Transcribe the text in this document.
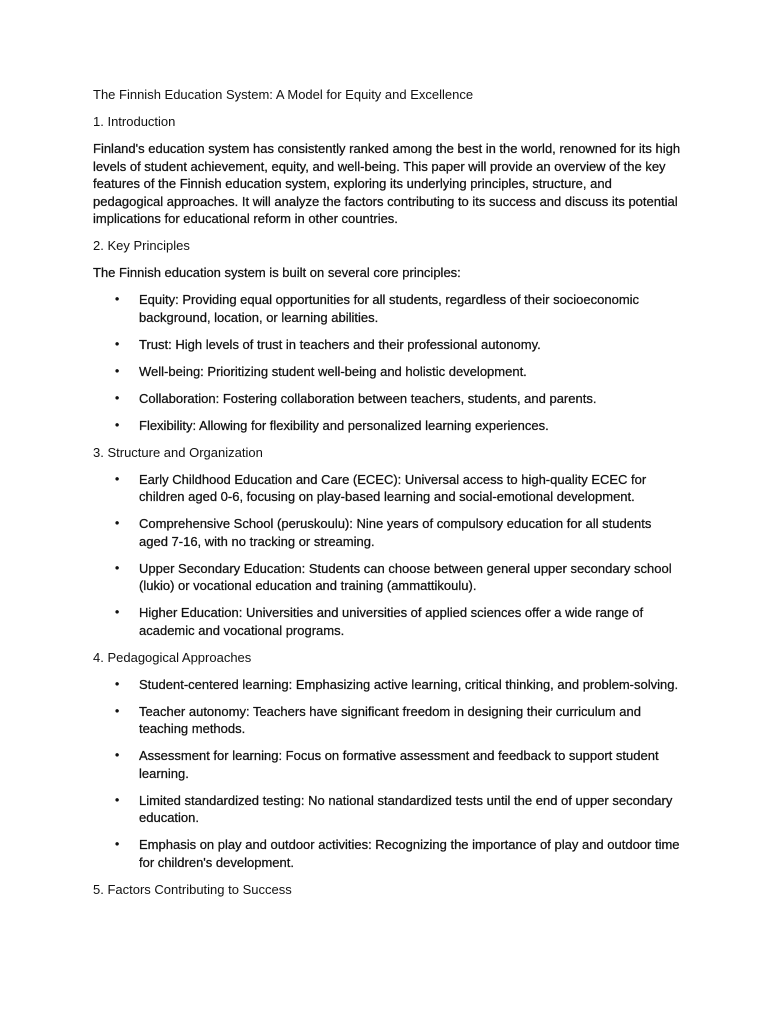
The Finnish Education System: A Model for Equity and Excellence

1. Introduction

Finland's education system has consistently ranked among the best in the world, renowned for its high levels of student achievement, equity, and well-being. This paper will provide an overview of the key features of the Finnish education system, exploring its underlying principles, structure, and pedagogical approaches. It will analyze the factors contributing to its success and discuss its potential implications for educational reform in other countries.

2. Key Principles

The Finnish education system is built on several core principles:

• Equity: Providing equal opportunities for all students, regardless of their socioeconomic background, location, or learning abilities.
• Trust: High levels of trust in teachers and their professional autonomy.
• Well-being: Prioritizing student well-being and holistic development.
• Collaboration: Fostering collaboration between teachers, students, and parents.
• Flexibility: Allowing for flexibility and personalized learning experiences.

3. Structure and Organization

• Early Childhood Education and Care (ECEC): Universal access to high-quality ECEC for children aged 0-6, focusing on play-based learning and social-emotional development.
• Comprehensive School (peruskoulu): Nine years of compulsory education for all students aged 7-16, with no tracking or streaming.
• Upper Secondary Education: Students can choose between general upper secondary school (lukio) or vocational education and training (ammattikoulu).
• Higher Education: Universities and universities of applied sciences offer a wide range of academic and vocational programs.

4. Pedagogical Approaches

• Student-centered learning: Emphasizing active learning, critical thinking, and problem-solving.
• Teacher autonomy: Teachers have significant freedom in designing their curriculum and teaching methods.
• Assessment for learning: Focus on formative assessment and feedback to support student learning.
• Limited standardized testing: No national standardized tests until the end of upper secondary education.
• Emphasis on play and outdoor activities: Recognizing the importance of play and outdoor time for children's development.

5. Factors Contributing to Success
